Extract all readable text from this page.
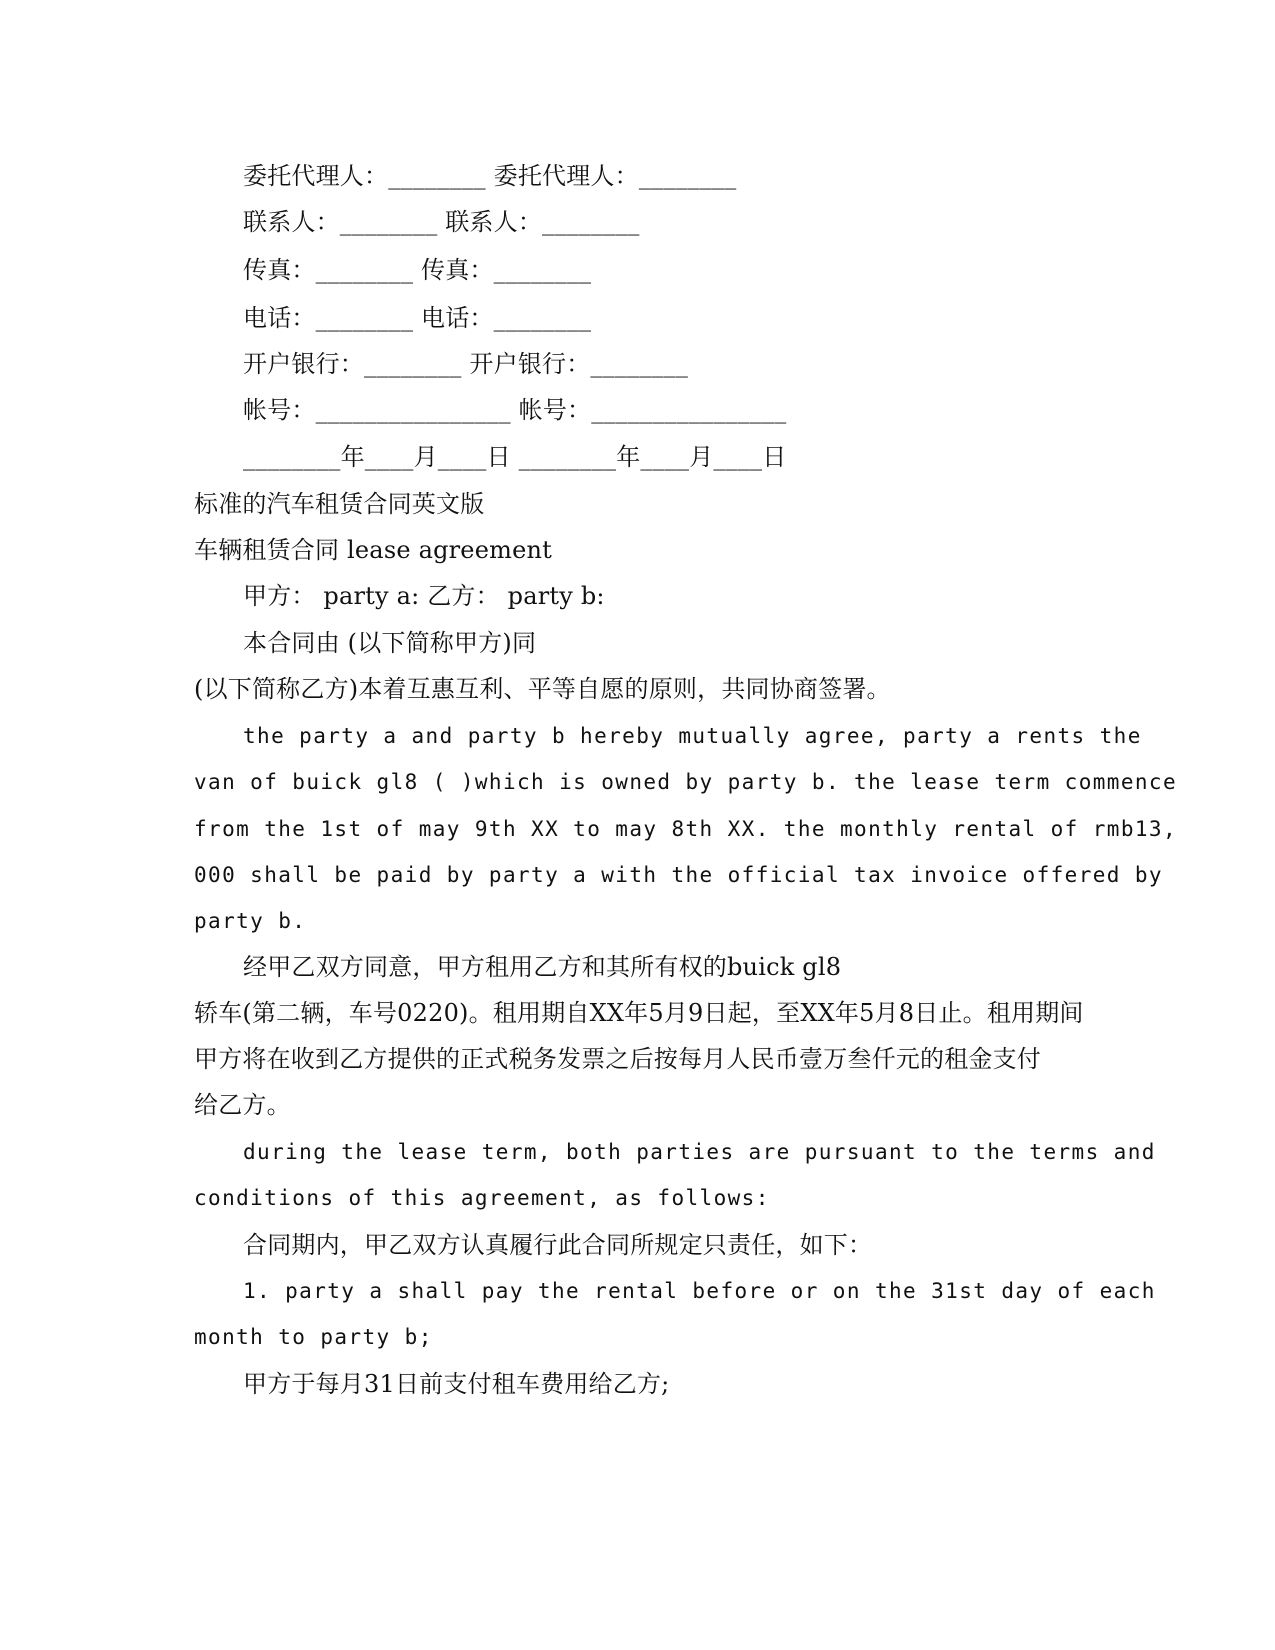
委托代理人：________ 委托代理人：________
联系人：________ 联系人：________
传真：________ 传真：________
电话：________ 电话：________
开户银行：________ 开户银行：________
帐号：________________ 帐号：________________
________年____月____日 ________年____月____日
标准的汽车租赁合同英文版
车辆租赁合同 lease agreement
甲方： party a: 乙方： party b:
本合同由 (以下简称甲方)同
(以下简称乙方)本着互惠互利、平等自愿的原则，共同协商签署。
the party a and party b hereby mutually agree, party a rents the
van of buick gl8 ( )which is owned by party b. the lease term commence
from the 1st of may 9th XX to may 8th XX. the monthly rental of rmb13,
000 shall be paid by party a with the official tax invoice offered by
party b.
经甲乙双方同意，甲方租用乙方和其所有权的buick gl8
轿车(第二辆，车号0220)。租用期自XX年5月9日起，至XX年5月8日止。租用期间
甲方将在收到乙方提供的正式税务发票之后按每月人民币壹万叁仟元的租金支付
给乙方。
during the lease term, both parties are pursuant to the terms and
conditions of this agreement, as follows:
合同期内，甲乙双方认真履行此合同所规定只责任，如下：
1. party a shall pay the rental before or on the 31st day of each
month to party b;
甲方于每月31日前支付租车费用给乙方;
